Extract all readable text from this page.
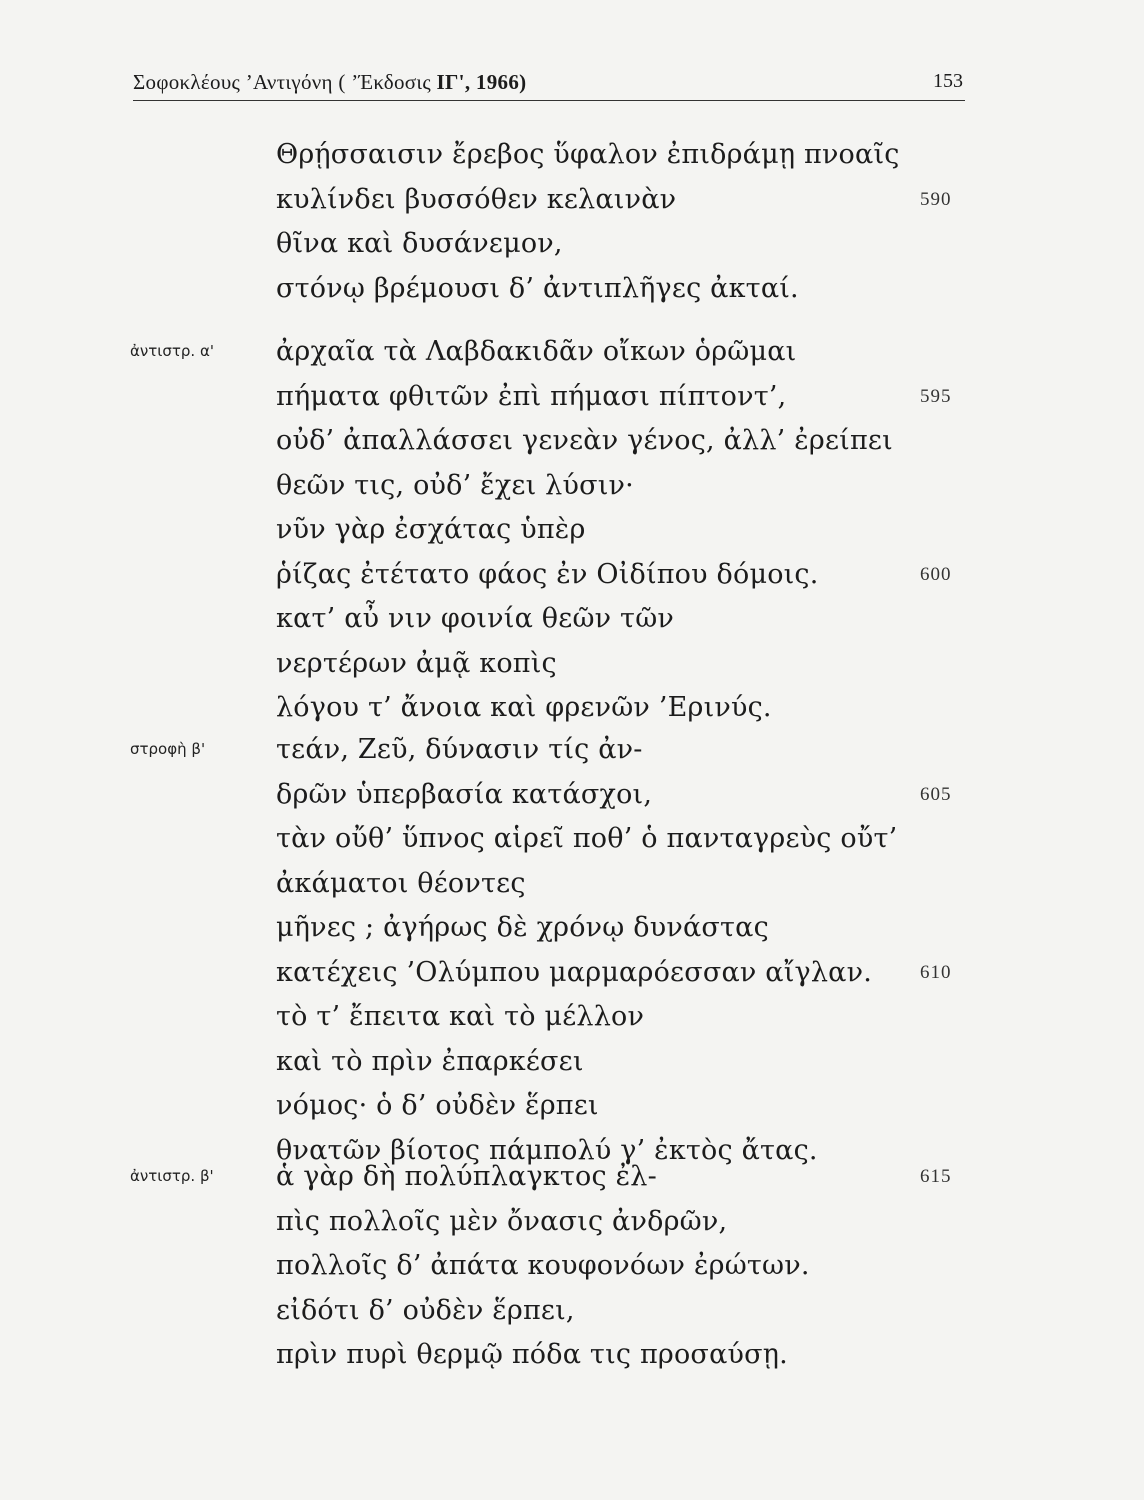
Σοφοκλέους ’Αντιγόνη ( ’Έκδοσις ΙΓ', 1966)	153
Θρῄσσαισιν ἔρεβος ὕφαλον ἐπιδράμῃ πνοαῖς
κυλίνδει βυσσόθεν κελαινὰν	590
θῖνα καὶ δυσάνεμον,
στόνῳ βρέμουσι δ’ ἀντιπλῆγες ἀκταί.
ἀντιστρ. α' ἀρχαῖα τὰ Λαβδακιδᾶν οἴκων ὁρῶμαι
πήματα φθιτῶν ἐπὶ πήμασι πίπτοντ’,	595
οὐδ’ ἀπαλλάσσει γενεὰν γένος, ἀλλ’ ἐρείπει
θεῶν τις, οὐδ’ ἔχει λύσιν·
νῦν γὰρ ἐσχάτας ὑπὲρ
ῥίζας ἐτέτατο φάος ἐν Οἰδίπου δόμοις.	600
κατ’ αὖ νιν φοινία θεῶν τῶν
νερτέρων ἀμᾷ κοπὶς
λόγου τ’ ἄνοια καὶ φρενῶν ’Ερινύς.
στροφὴ β'	τεάν, Ζεῦ, δύνασιν τίς ἀν-
δρῶν ὑπερβασία κατάσχοι,	605
τὰν οὔθ’ ὕπνος αἱρεῖ ποθ’ ὁ πανταγρεὺς οὔτ’
ἀκάματοι θέοντες
μῆνες ; ἀγήρως δὲ χρόνῳ δυνάστας
κατέχεις ’Ολύμπου μαρμαρόεσσαν αἴγλαν.	610
τὸ τ’ ἔπειτα καὶ τὸ μέλλον
καὶ τὸ πρὶν ἐπαρκέσει
νόμος· ὁ δ’ οὐδὲν ἕρπει
θνατῶν βίοτος πάμπολύ γ’ ἐκτὸς ἄτας.
ἀντιστρ. β' ἁ γὰρ δὴ πολύπλαγκτος ἐλ-	615
πὶς πολλοῖς μὲν ὄνασις ἀνδρῶν,
πολλοῖς δ’ ἀπάτα κουφονόων ἐρώτων.
εἰδότι δ’ οὐδὲν ἕρπει,
πρὶν πυρὶ θερμῷ πόδα τις προσαύσῃ.
